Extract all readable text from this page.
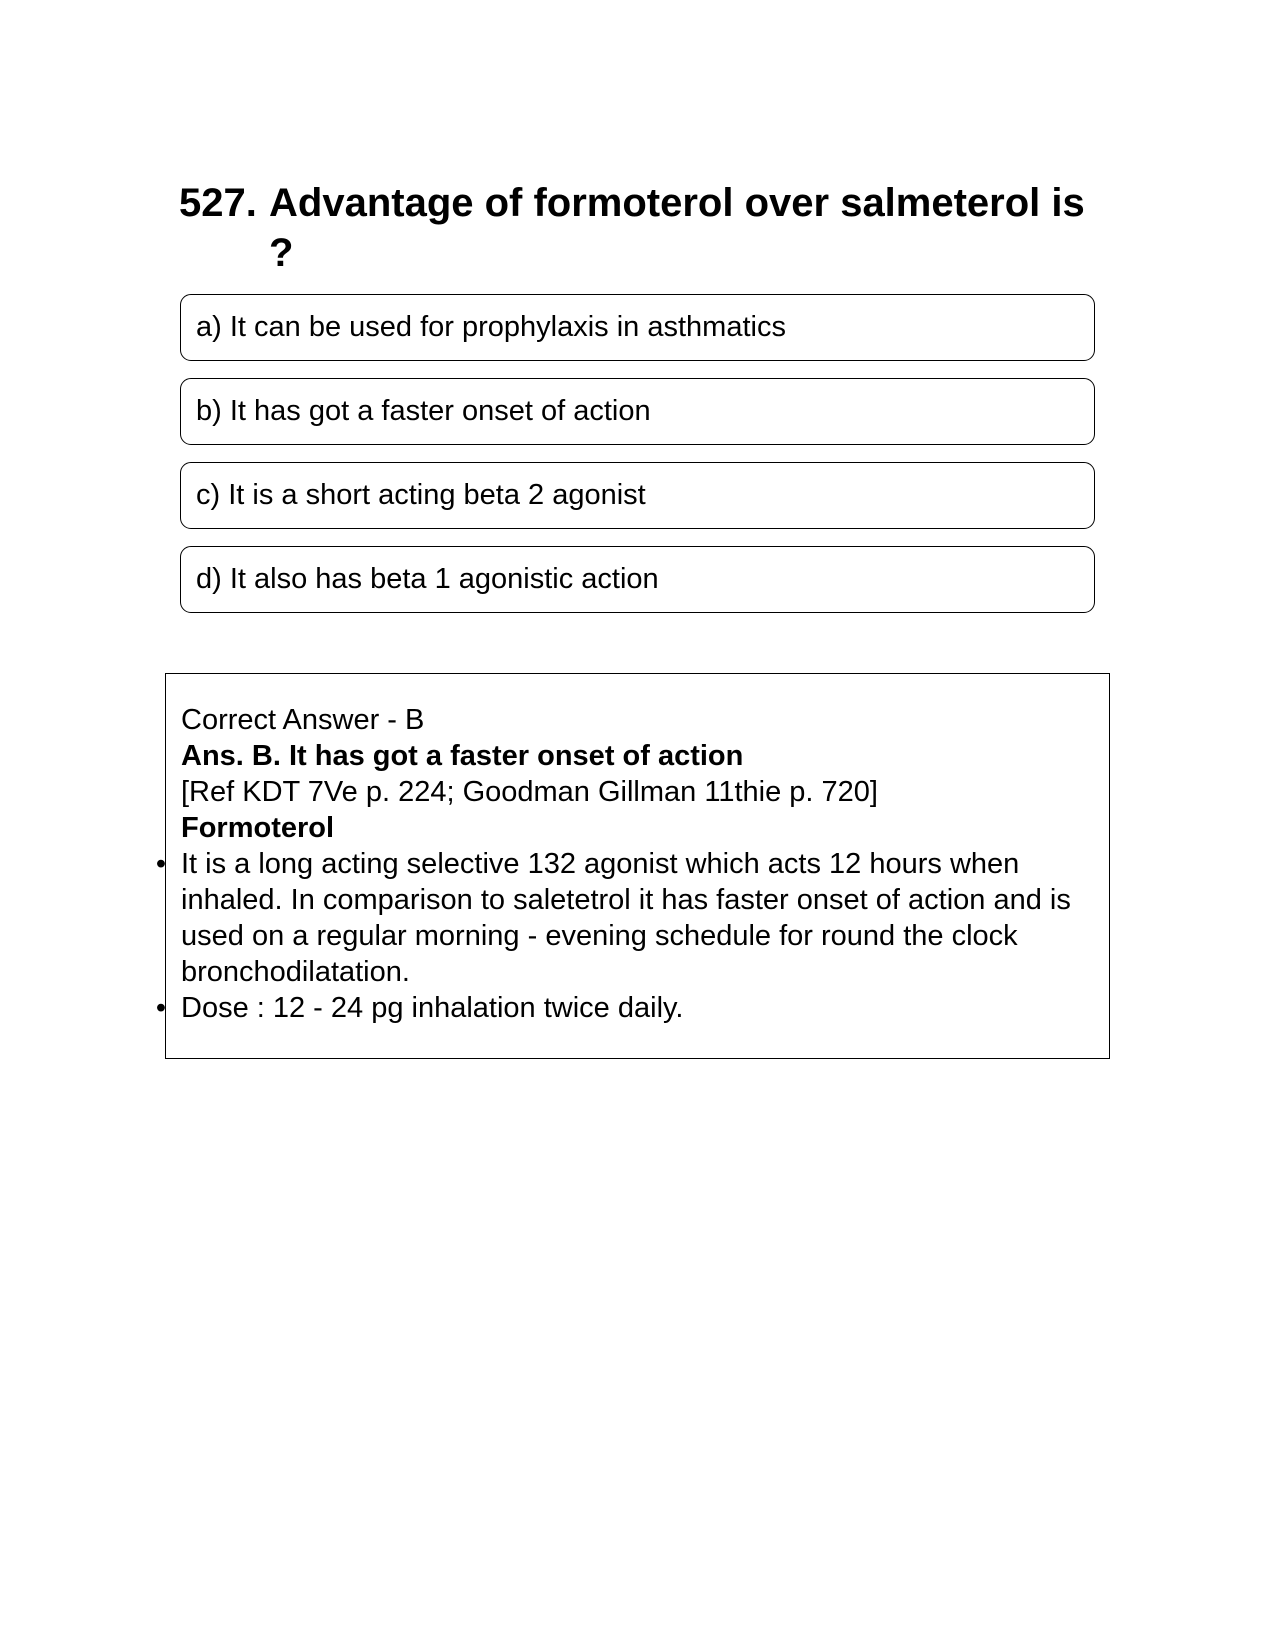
527. Advantage of formoterol over salmeterol is ?
a) It can be used for prophylaxis in asthmatics
b) It has got a faster onset of action
c) It is a short acting beta 2 agonist
d) It also has beta 1 agonistic action
Correct Answer - B
Ans. B. It has got a faster onset of action
[Ref KDT 7Ve p. 224; Goodman Gillman 11thie p. 720]
Formoterol
• It is a long acting selective 132 agonist which acts 12 hours when inhaled. In comparison to saletetrol it has faster onset of action and is used on a regular morning - evening schedule for round the clock bronchodilatation.
• Dose : 12 - 24 pg inhalation twice daily.
